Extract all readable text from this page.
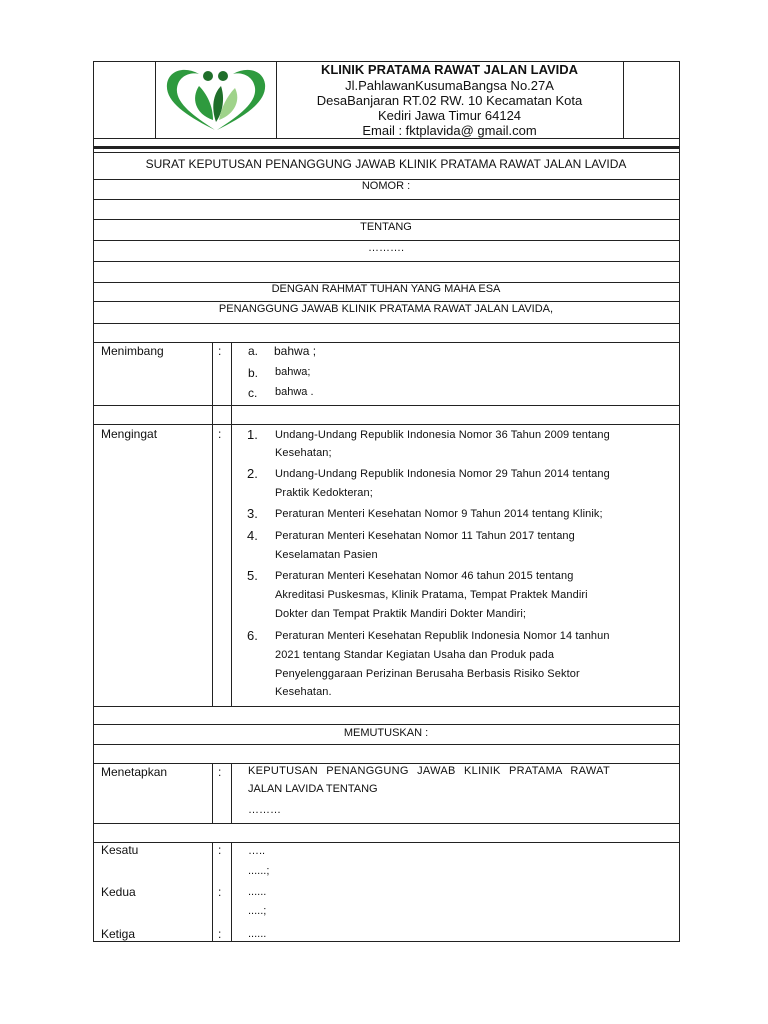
KLINIK PRATAMA RAWAT JALAN LAVIDA
Jl.PahlawanKusumaBangsa No.27A
DesaBanjaran RT.02 RW. 10 Kecamatan Kota
Kediri Jawa Timur 64124
Email : fktplavida@ gmail.com
SURAT KEPUTUSAN PENANGGUNG JAWAB KLINIK PRATAMA RAWAT JALAN LAVIDA
NOMOR :
TENTANG
……….
DENGAN RAHMAT TUHAN YANG MAHA ESA
PENANGGUNG JAWAB KLINIK PRATAMA RAWAT JALAN LAVIDA,
Menimbang	: a. bahwa ;
b. bahwa;
c. bahwa .
Mengingat	: 1. Undang-Undang Republik Indonesia Nomor 36 Tahun 2009 tentang
Kesehatan;
2. Undang-Undang Republik Indonesia Nomor 29 Tahun 2014 tentang
Praktik Kedokteran;
3. Peraturan Menteri Kesehatan Nomor 9 Tahun 2014 tentang Klinik;
4. Peraturan Menteri Kesehatan Nomor 11 Tahun 2017 tentang
Keselamatan Pasien
5. Peraturan Menteri Kesehatan Nomor 46 tahun 2015 tentang
Akreditasi Puskesmas, Klinik Pratama, Tempat Praktek Mandiri
Dokter dan Tempat Praktik Mandiri Dokter Mandiri;
6. Peraturan Menteri Kesehatan Republik Indonesia Nomor 14 tanhun
2021 tentang Standar Kegiatan Usaha dan Produk pada
Penyelenggaraan Perizinan Berusaha Berbasis Risiko Sektor
Kesehatan.
MEMUTUSKAN :
Menetapkan	: KEPUTUSAN PENANGGUNG JAWAB KLINIK PRATAMA RAWAT
JALAN LAVIDA TENTANG
………
Kesatu	: …..
......;
Kedua	: ......
.....;
Ketiga	: ......
